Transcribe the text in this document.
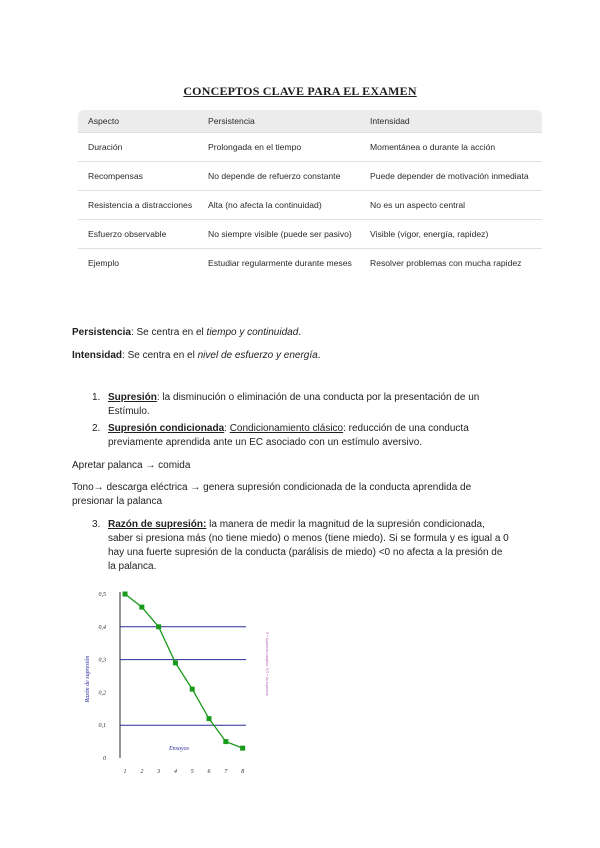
CONCEPTOS CLAVE PARA EL EXAMEN
Aspecto	Persistencia	Intensidad
Duración	Prolongada en el tiempo	Momentánea o durante la acción
Recompensas	No depende de refuerzo constante	Puede depender de motivación inmediata
Resistencia a distracciones	Alta (no afecta la continuidad)	No es un aspecto central
Esfuerzo observable	No siempre visible (puede ser pasivo)	Visible (vigor, energía, rapidez)
Ejemplo	Estudiar regularmente durante meses	Resolver problemas con mucha rapidez
Persistencia: Se centra en el tiempo y continuidad.
Intensidad: Se centra en el nivel de esfuerzo y energía.
1. Supresión: la disminución o eliminación de una conducta por la presentación de un Estímulo.
2. Supresión condicionada: Condicionamiento clásico: reducción de una conducta previamente aprendida ante un EC asociado con un estímulo aversivo.
Apretar palanca → comida
Tono→ descarga eléctrica → genera supresión condicionada de la conducta aprendida de presionar la palanca
3. Razón de supresión: la manera de medir la magnitud de la supresión condicionada, saber si presiona más (no tiene miedo) o menos (tiene miedo). Si se formula y es igual a 0 hay una fuerte supresión de la conducta (parálisis de miedo) <0 no afecta a la presión de la palanca.
0
0,1
0,2
0,3
0,4
0,5
1 2 3 4 5 6 7 8
Razón de supresión
Ensayos
0 = supresión completa / 0,5 = sin supresión
